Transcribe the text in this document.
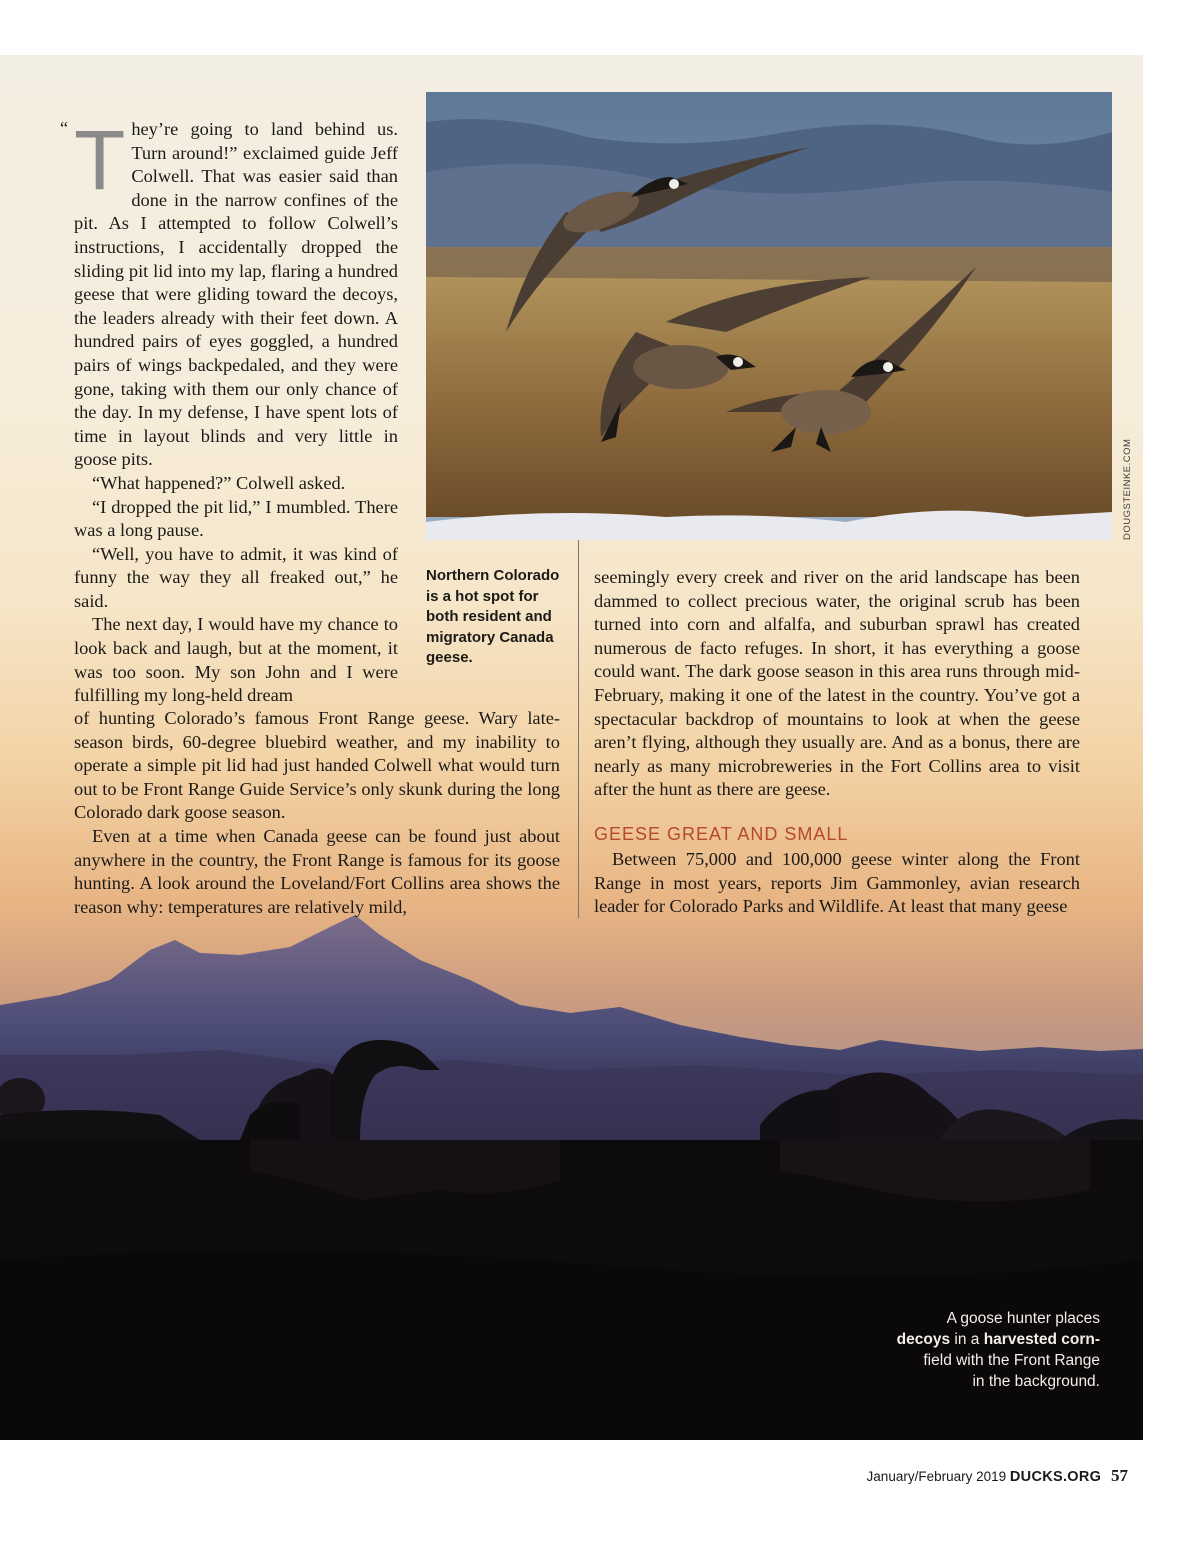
DOUGSTEINKE.COM
“ They’re going to land behind us. Turn around!” exclaimed guide Jeff Colwell. That was easier said than done in the narrow confines of the pit. As I attempted to follow Colwell’s instructions, I accidentally dropped the sliding pit lid into my lap, flaring a hundred geese that were gliding toward the decoys, the leaders already with their feet down. A hundred pairs of eyes goggled, a hundred pairs of wings backpedaled, and they were gone, taking with them our only chance of the day. In my defense, I have spent lots of time in layout blinds and very little in goose pits.

“What happened?” Colwell asked.

“I dropped the pit lid,” I mumbled. There was a long pause.

“Well, you have to admit, it was kind of funny the way they all freaked out,” he said.

The next day, I would have my chance to look back and laugh, but at the moment, it was too soon. My son John and I were fulfilling my long-held dream

of hunting Colorado’s famous Front Range geese. Wary late-season birds, 60-degree bluebird weather, and my inability to operate a simple pit lid had just handed Colwell what would turn out to be Front Range Guide Service’s only skunk during the long Colorado dark goose season.

Even at a time when Canada geese can be found just about anywhere in the country, the Front Range is famous for its goose hunting. A look around the Loveland/Fort Collins area shows the reason why: temperatures are relatively mild,

Northern Colorado is a hot spot for both resident and migratory Canada geese.

seemingly every creek and river on the arid landscape has been dammed to collect precious water, the original scrub has been turned into corn and alfalfa, and suburban sprawl has created numerous de facto refuges. In short, it has everything a goose could want. The dark goose season in this area runs through mid-February, making it one of the latest in the country. You’ve got a spectacular backdrop of mountains to look at when the geese aren’t flying, although they usually are. And as a bonus, there are nearly as many microbreweries in the Fort Collins area to visit after the hunt as there are geese.

GEESE GREAT AND SMALL

Between 75,000 and 100,000 geese winter along the Front Range in most years, reports Jim Gammonley, avian research leader for Colorado Parks and Wildlife. At least that many geese

A goose hunter places
decoys in a harvested corn-
field with the Front Range
in the background.
January/February 2019 DUCKS.ORG 57
